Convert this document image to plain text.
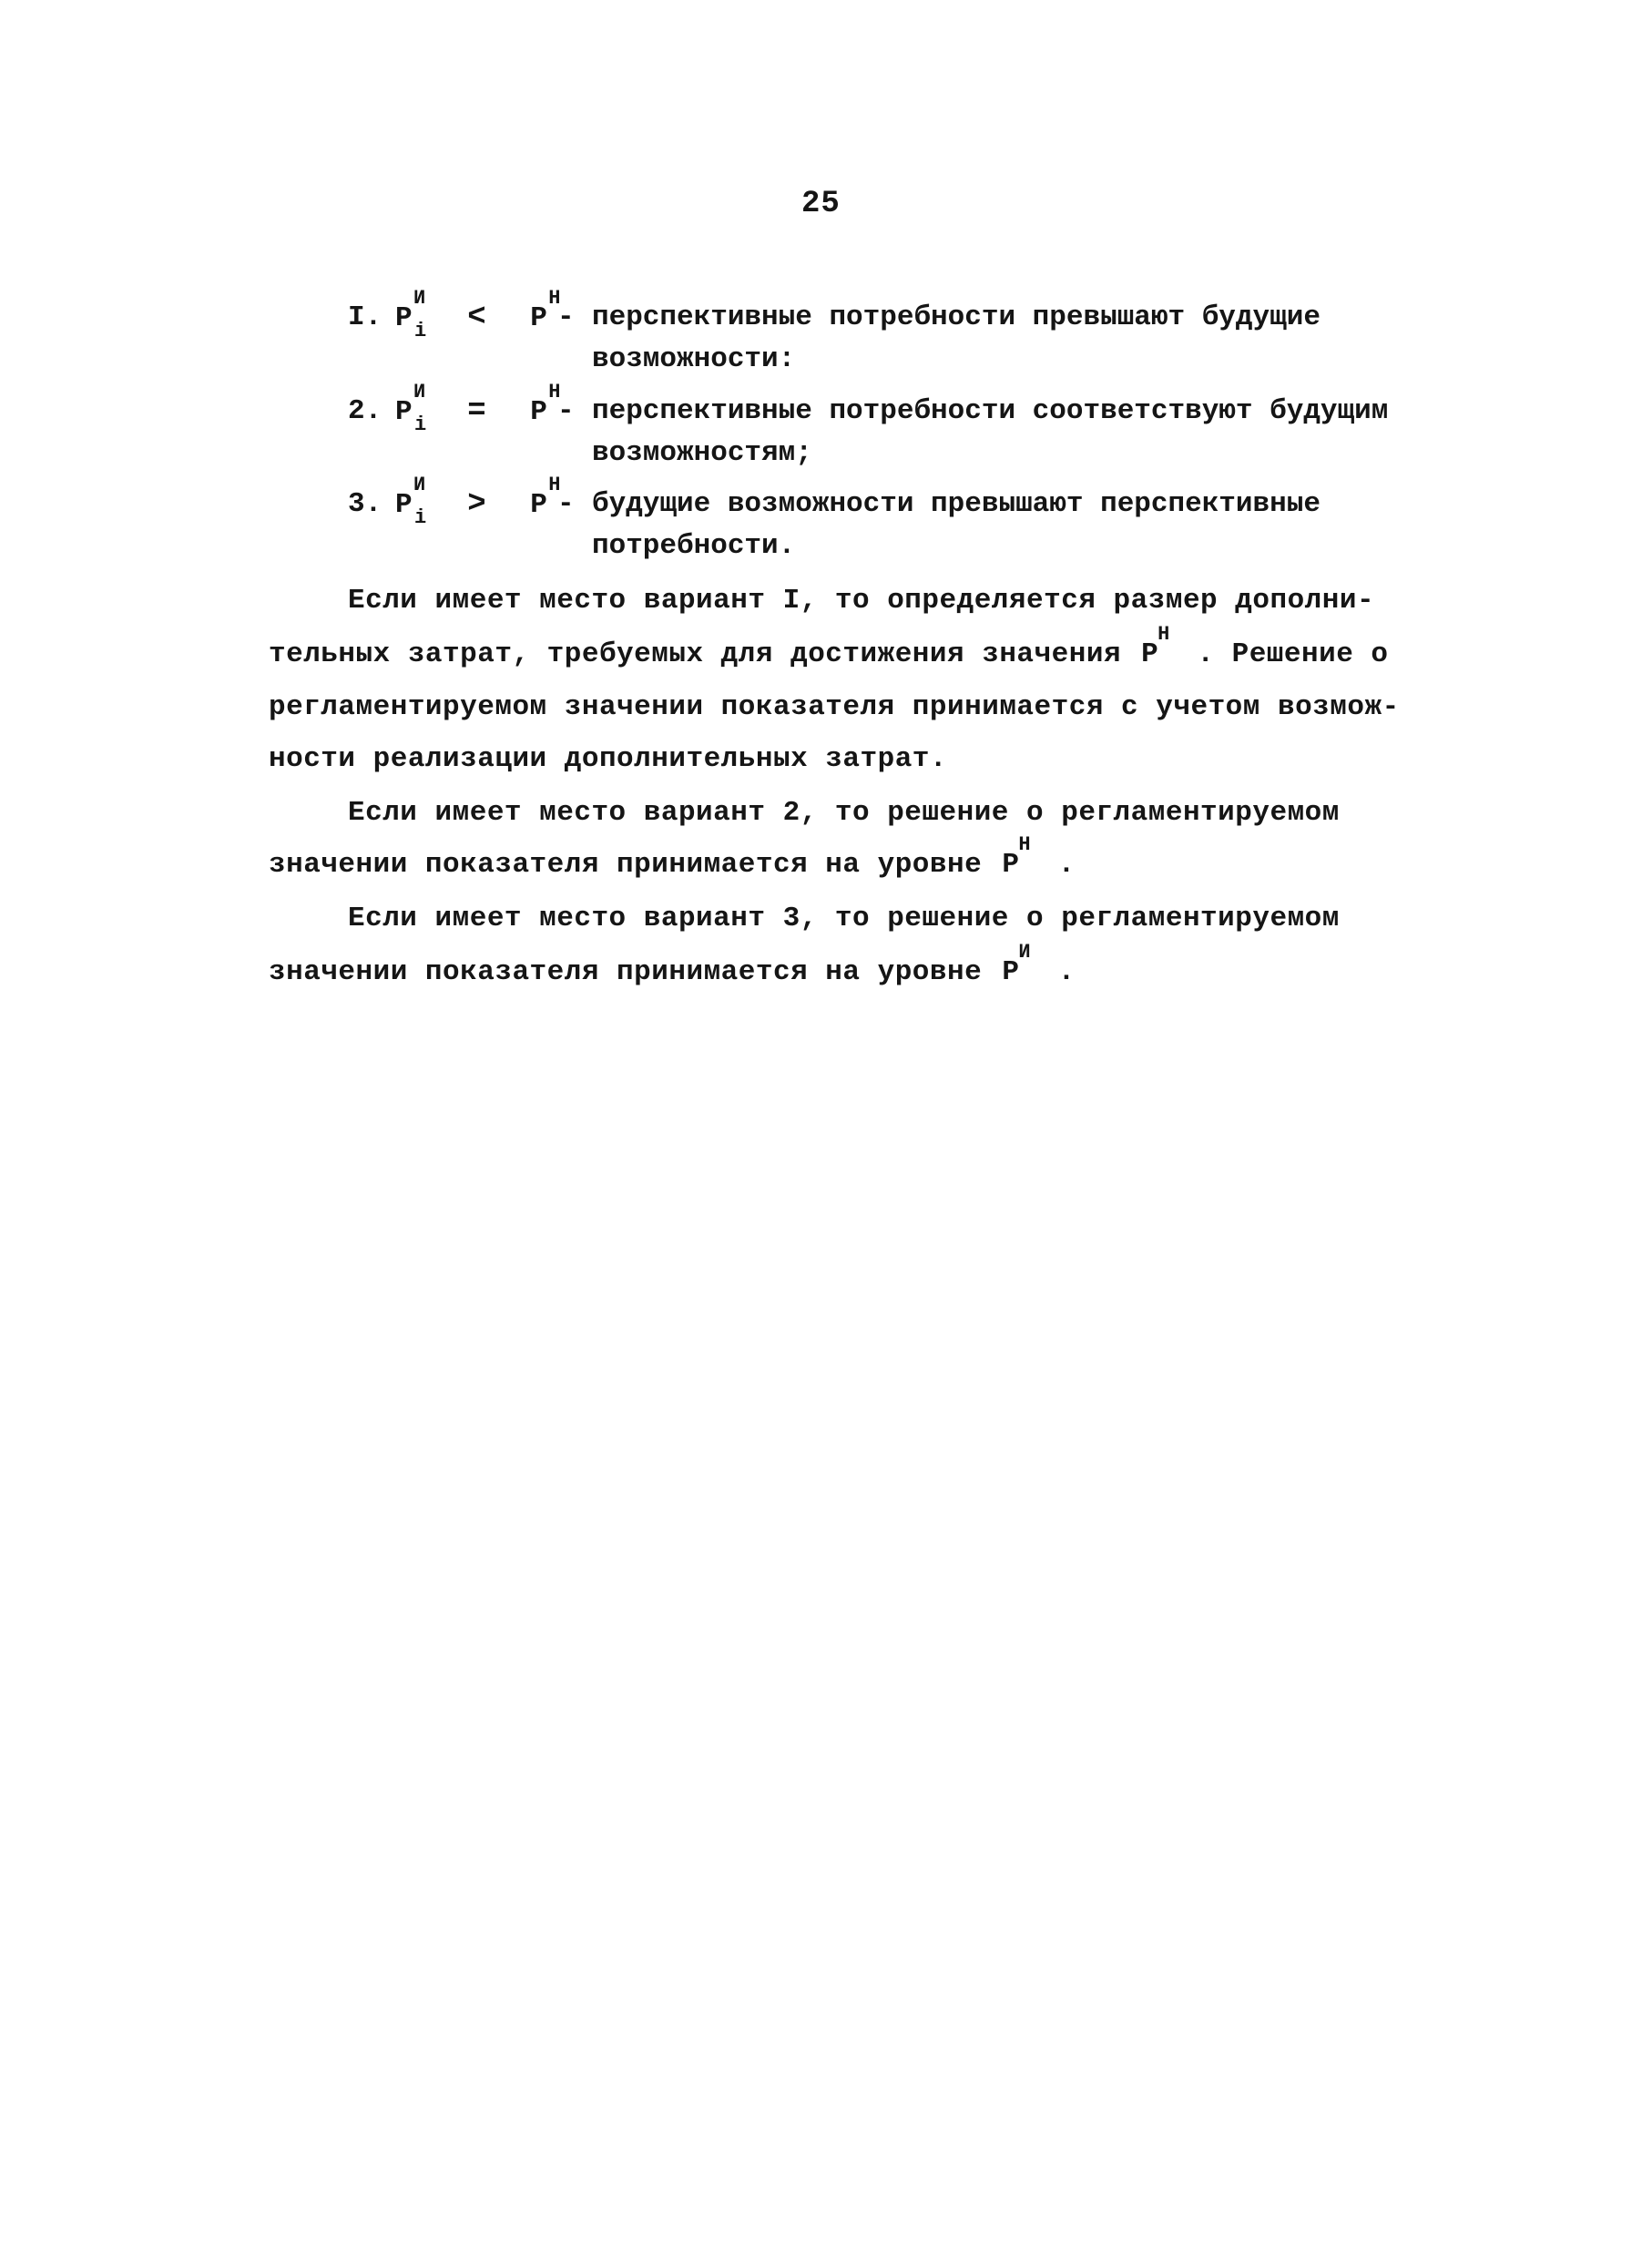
25
I. P
И
i < P
Н
- перспективные потребности превышают будущие
возможности:
2. P
И
i = P
Н
- перспективные потребности соответствуют будущим
возможностям;
3. P
И
i > P
Н
- будущие возможности превышают перспективные
потребности.
Если имеет место вариант I, то определяется размер дополни-
тельных затрат, требуемых для достижения значения P
Н
. Решение о
регламентируемом значении показателя принимается с учетом возмож-
ности реализации дополнительных затрат.
Если имеет место вариант 2, то решение о регламентируемом
значении показателя принимается на уровне P
Н
.
Если имеет место вариант 3, то решение о регламентируемом
значении показателя принимается на уровне P
И
.
